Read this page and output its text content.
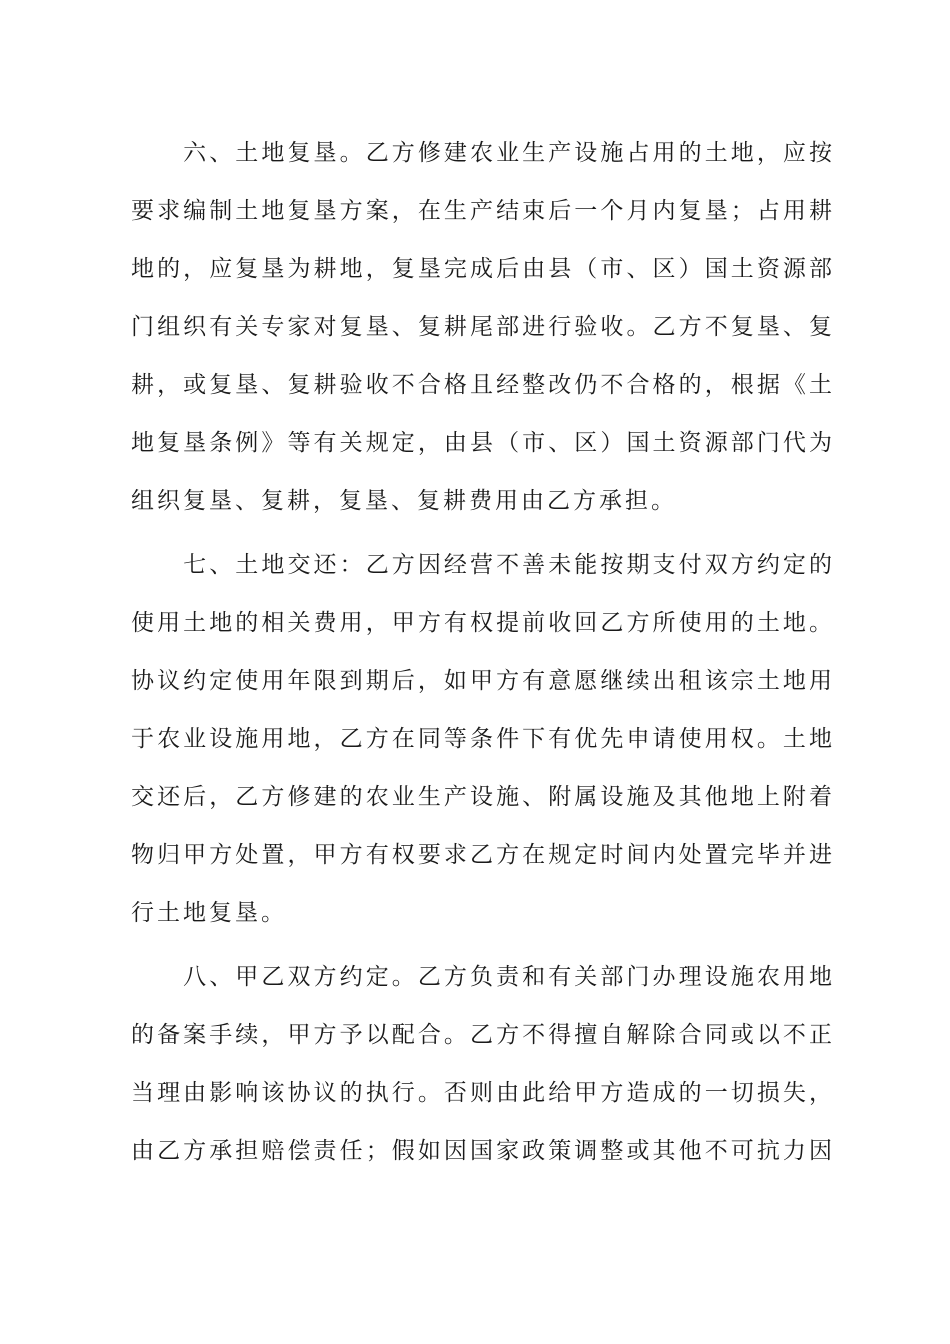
　　六、土地复垦。乙方修建农业生产设施占用的土地，应按
要求编制土地复垦方案，在生产结束后一个月内复垦；占用耕
地的，应复垦为耕地，复垦完成后由县（市、区）国土资源部
门组织有关专家对复垦、复耕尾部进行验收。乙方不复垦、复
耕，或复垦、复耕验收不合格且经整改仍不合格的，根据《土
地复垦条例》等有关规定，由县（市、区）国土资源部门代为
组织复垦、复耕，复垦、复耕费用由乙方承担。
　　七、土地交还：乙方因经营不善未能按期支付双方约定的
使用土地的相关费用，甲方有权提前收回乙方所使用的土地。
协议约定使用年限到期后，如甲方有意愿继续出租该宗土地用
于农业设施用地，乙方在同等条件下有优先申请使用权。土地
交还后，乙方修建的农业生产设施、附属设施及其他地上附着
物归甲方处置，甲方有权要求乙方在规定时间内处置完毕并进
行土地复垦。
　　八、甲乙双方约定。乙方负责和有关部门办理设施农用地
的备案手续，甲方予以配合。乙方不得擅自解除合同或以不正
当理由影响该协议的执行。否则由此给甲方造成的一切损失，
由乙方承担赔偿责任；假如因国家政策调整或其他不可抗力因
